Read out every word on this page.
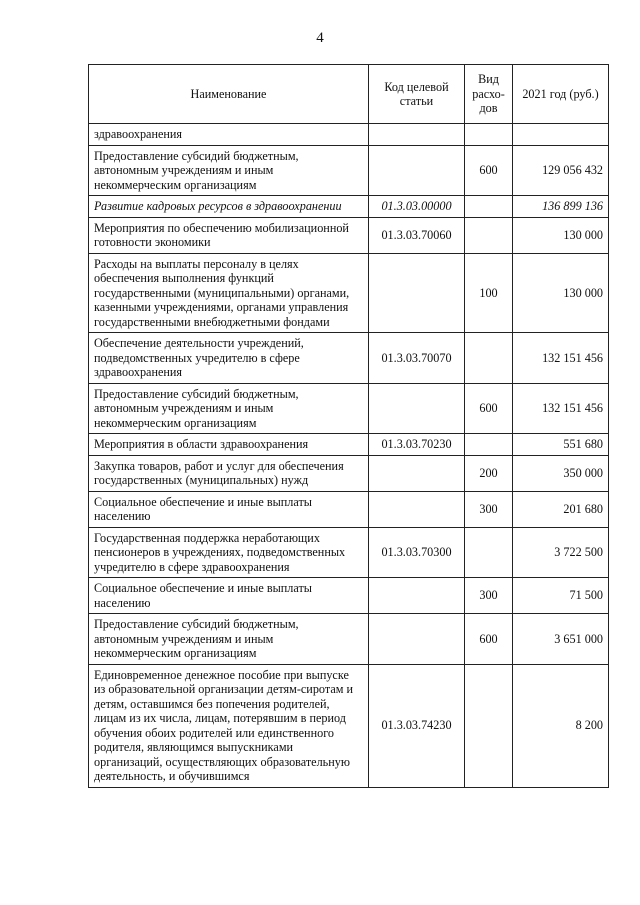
4
Наименование	Код целевой статьи	Вид расхо-дов	2021 год (руб.)
здравоохранения			
Предоставление субсидий бюджетным, автономным учреждениям и иным некоммерческим организациям		600	129 056 432
Развитие кадровых ресурсов в здравоохранении	01.3.03.00000		136 899 136
Мероприятия по обеспечению мобилизационной готовности экономики	01.3.03.70060		130 000
Расходы на выплаты персоналу в целях обеспечения выполнения функций государственными (муниципальными) органами, казенными учреждениями, органами управления государственными внебюджетными фондами		100	130 000
Обеспечение деятельности учреждений, подведомственных учредителю в сфере здравоохранения	01.3.03.70070		132 151 456
Предоставление субсидий бюджетным, автономным учреждениям и иным некоммерческим организациям		600	132 151 456
Мероприятия в области здравоохранения	01.3.03.70230		551 680
Закупка товаров, работ и услуг для обеспечения государственных (муниципальных) нужд		200	350 000
Социальное обеспечение и иные выплаты населению		300	201 680
Государственная поддержка неработающих пенсионеров в учреждениях, подведомственных учредителю в сфере здравоохранения	01.3.03.70300		3 722 500
Социальное обеспечение и иные выплаты населению		300	71 500
Предоставление субсидий бюджетным, автономным учреждениям и иным некоммерческим организациям		600	3 651 000
Единовременное денежное пособие при выпуске из образовательной организации детям-сиротам и детям, оставшимся без попечения родителей, лицам из их числа, лицам, потерявшим в период обучения обоих родителей или единственного родителя, являющимся выпускниками организаций, осуществляющих образовательную деятельность, и обучившимся	01.3.03.74230		8 200
